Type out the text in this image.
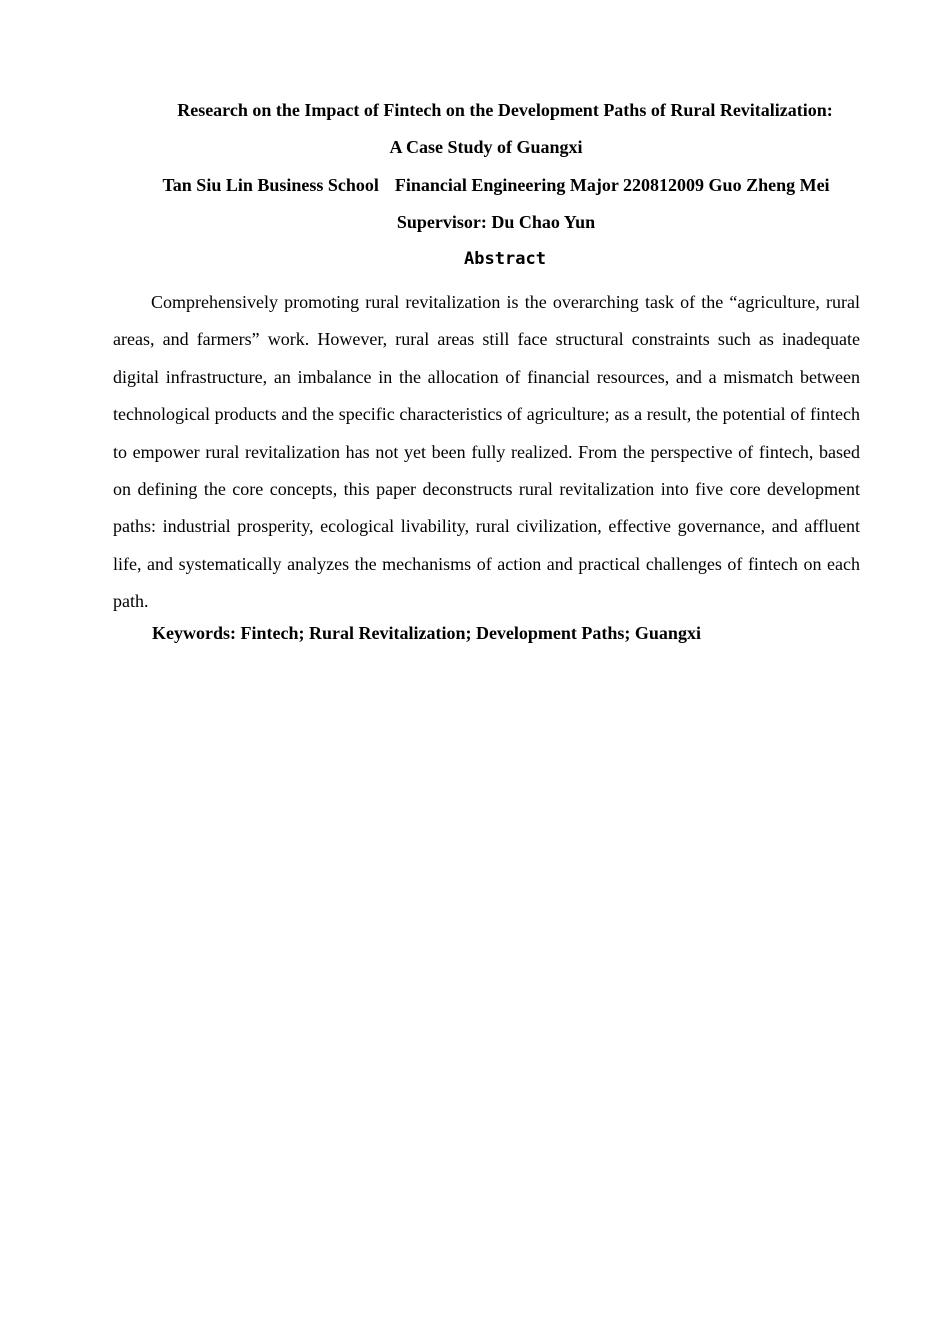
Research on the Impact of Fintech on the Development Paths of Rural Revitalization:
A Case Study of Guangxi
Tan Siu Lin Business School Financial Engineering Major 220812009 Guo Zheng Mei
Supervisor: Du Chao Yun
Abstract

Comprehensively promoting rural revitalization is the overarching task of the “agriculture, rural areas, and farmers” work. However, rural areas still face structural constraints such as inadequate digital infrastructure, an imbalance in the allocation of financial resources, and a mismatch between technological products and the specific characteristics of agriculture; as a result, the potential of fintech to empower rural revitalization has not yet been fully realized. From the perspective of fintech, based on defining the core concepts, this paper deconstructs rural revitalization into five core development paths: industrial prosperity, ecological livability, rural civilization, effective governance, and affluent life, and systematically analyzes the mechanisms of action and practical challenges of fintech on each path.

Keywords: Fintech; Rural Revitalization; Development Paths; Guangxi
